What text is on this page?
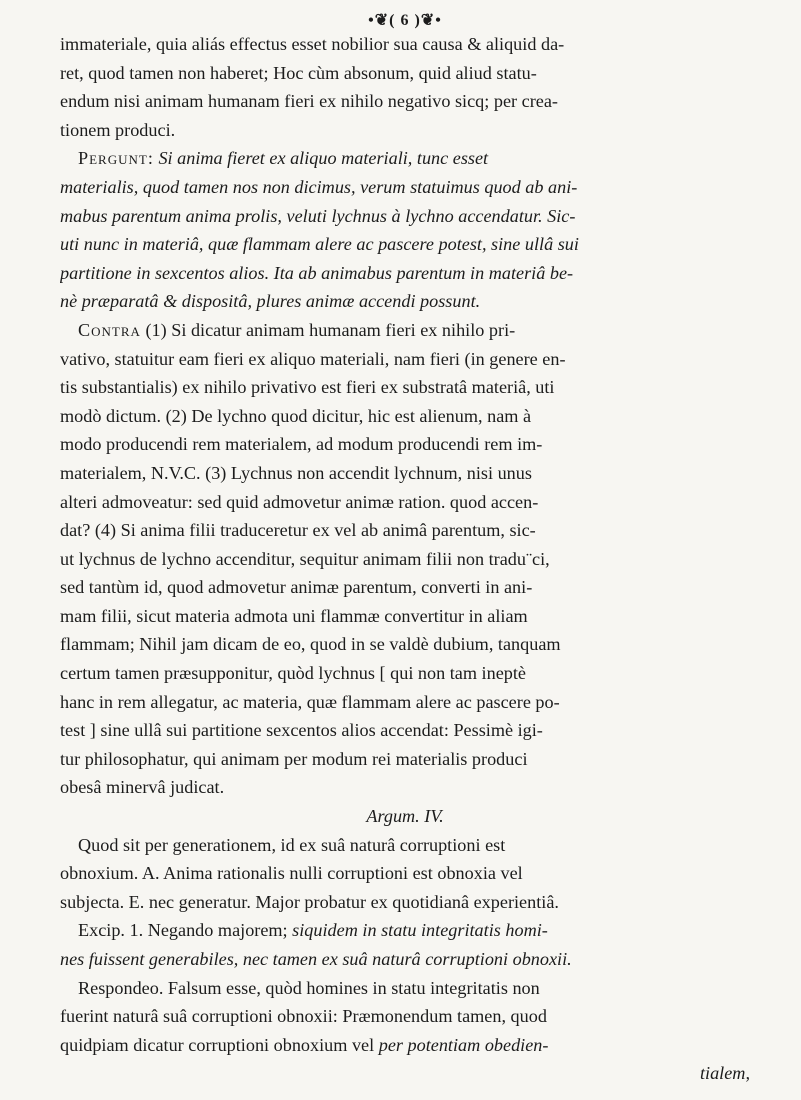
•❦( 6 )❦•
immateriale, quia aliás effectus esset nobilior sua causa & aliquid da-
ret, quod tamen non haberet; Hoc cùm absonum, quid aliud statu-
endum nisi animam humanam fieri ex nihilo negativo sicq; per crea-
tionem produci.
Pergunt: Si anima fieret ex aliquo materiali, tunc esset
materialis, quod tamen nos non dicimus, verum statuimus quod ab ani-
mabus parentum anima prolis, veluti lychnus à lychno accendatur. Sic-
uti nunc in materiâ, quæ flammam alere ac pascere potest, sine ullâ sui
partitione in sexcentos alios. Ita ab animabus parentum in materiâ be-
nè præparatâ & dispositâ, plures animæ accendi possunt.
Contra (1) Si dicatur animam humanam fieri ex nihilo pri-
vativo, statuitur eam fieri ex aliquo materiali, nam fieri (in genere en-
tis substantialis) ex nihilo privativo est fieri ex substratâ materiâ, uti
modò dictum. (2) De lychno quod dicitur, hic est alienum, nam à
modo producendi rem materialem, ad modum producendi rem im-
materialem, N.V.C. (3) Lychnus non accendit lychnum, nisi unus
alteri admoveatur: sed quid admovetur animæ ration. quod accen-
dat? (4) Si anima filii traduceretur ex vel ab animâ parentum, sic-
ut lychnus de lychno accenditur, sequitur animam filii non tradu¨ci,
sed tantùm id, quod admovetur animæ parentum, converti in ani-
mam filii, sicut materia admota uni flammæ convertitur in aliam
flammam; Nihil jam dicam de eo, quod in se valdè dubium, tanquam
certum tamen præsupponitur, quòd lychnus [ qui non tam ineptè
hanc in rem allegatur, ac materia, quæ flammam alere ac pascere po-
test ] sine ullâ sui partitione sexcentos alios accendat: Pessimè igi-
tur philosophatur, qui animam per modum rei materialis produci
obesâ minervâ judicat.
Argum. IV.
Quod sit per generationem, id ex suâ naturâ corruptioni est
obnoxium. A. Anima rationalis nulli corruptioni est obnoxia vel
subjecta. E. nec generatur. Major probatur ex quotidianâ experientiâ.
Excip. 1. Negando majorem; siquidem in statu integritatis homi-
nes fuissent generabiles, nec tamen ex suâ naturâ corruptioni obnoxii.
Respondeo. Falsum esse, quòd homines in statu integritatis non
fuerint naturâ suâ corruptioni obnoxii: Præmonendum tamen, quod
quidpiam dicatur corruptioni obnoxium vel per potentiam obedien-
tialem,
